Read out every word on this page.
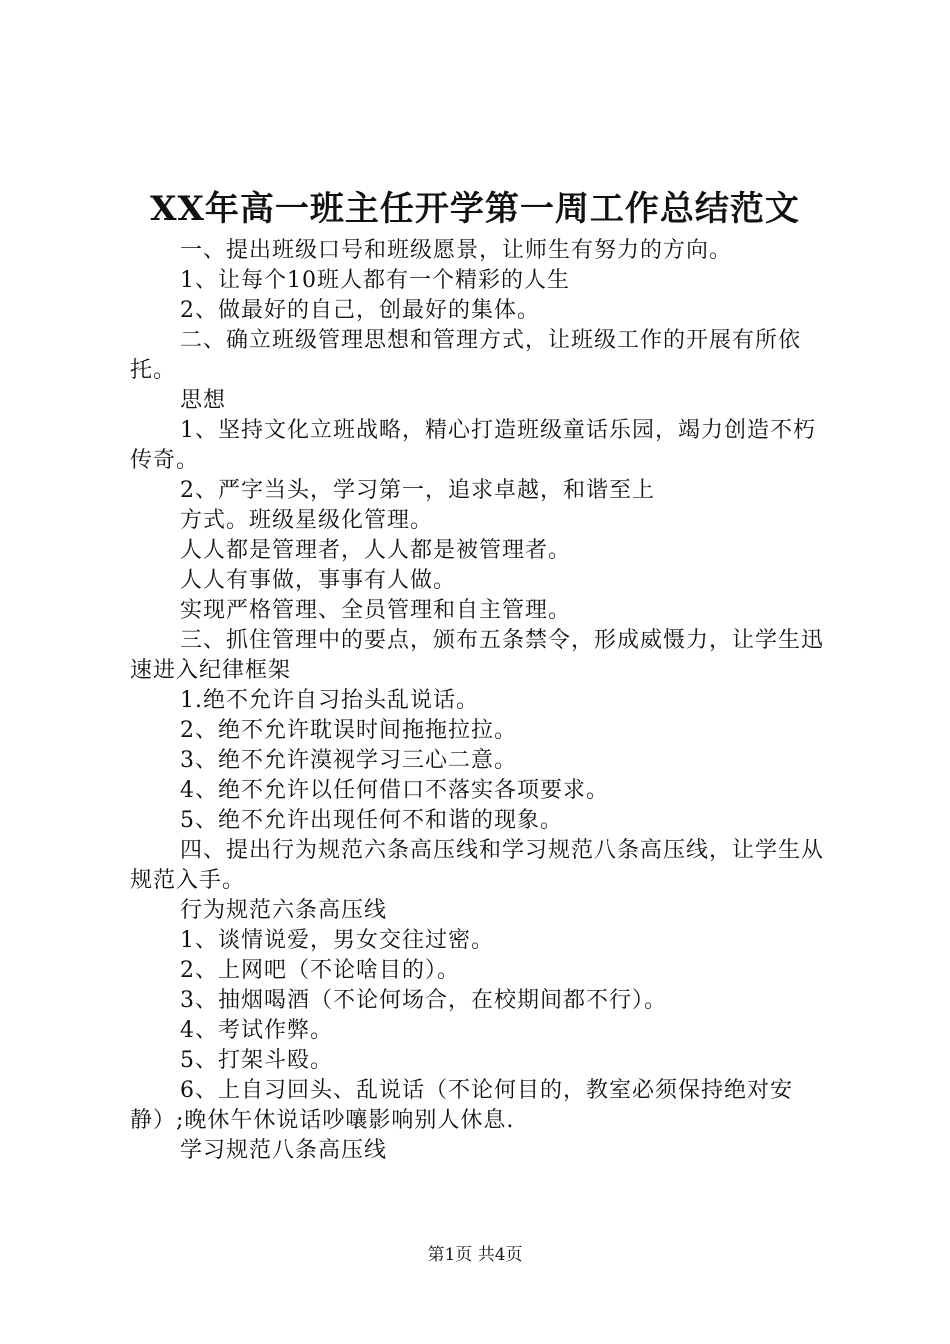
XX年高一班主任开学第一周工作总结范文

一、提出班级口号和班级愿景，让师生有努力的方向。

1、让每个10班人都有一个精彩的人生

2、做最好的自己，创最好的集体。

二、确立班级管理思想和管理方式，让班级工作的开展有所依托。

思想

1、坚持文化立班战略，精心打造班级童话乐园，竭力创造不朽传奇。

2、严字当头，学习第一，追求卓越，和谐至上

方式。班级星级化管理。

人人都是管理者，人人都是被管理者。

人人有事做，事事有人做。

实现严格管理、全员管理和自主管理。

三、抓住管理中的要点，颁布五条禁令，形成威慑力，让学生迅速进入纪律框架

1.绝不允许自习抬头乱说话。

2、绝不允许耽误时间拖拖拉拉。

3、绝不允许漠视学习三心二意。

4、绝不允许以任何借口不落实各项要求。

5、绝不允许出现任何不和谐的现象。

四、提出行为规范六条高压线和学习规范八条高压线，让学生从规范入手。

行为规范六条高压线

1、谈情说爱，男女交往过密。

2、上网吧（不论啥目的）。

3、抽烟喝酒（不论何场合，在校期间都不行）。

4、考试作弊。

5、打架斗殴。

6、上自习回头、乱说话（不论何目的，教室必须保持绝对安静）;晚休午休说话吵嚷影响别人休息.

学习规范八条高压线

第1页 共4页
